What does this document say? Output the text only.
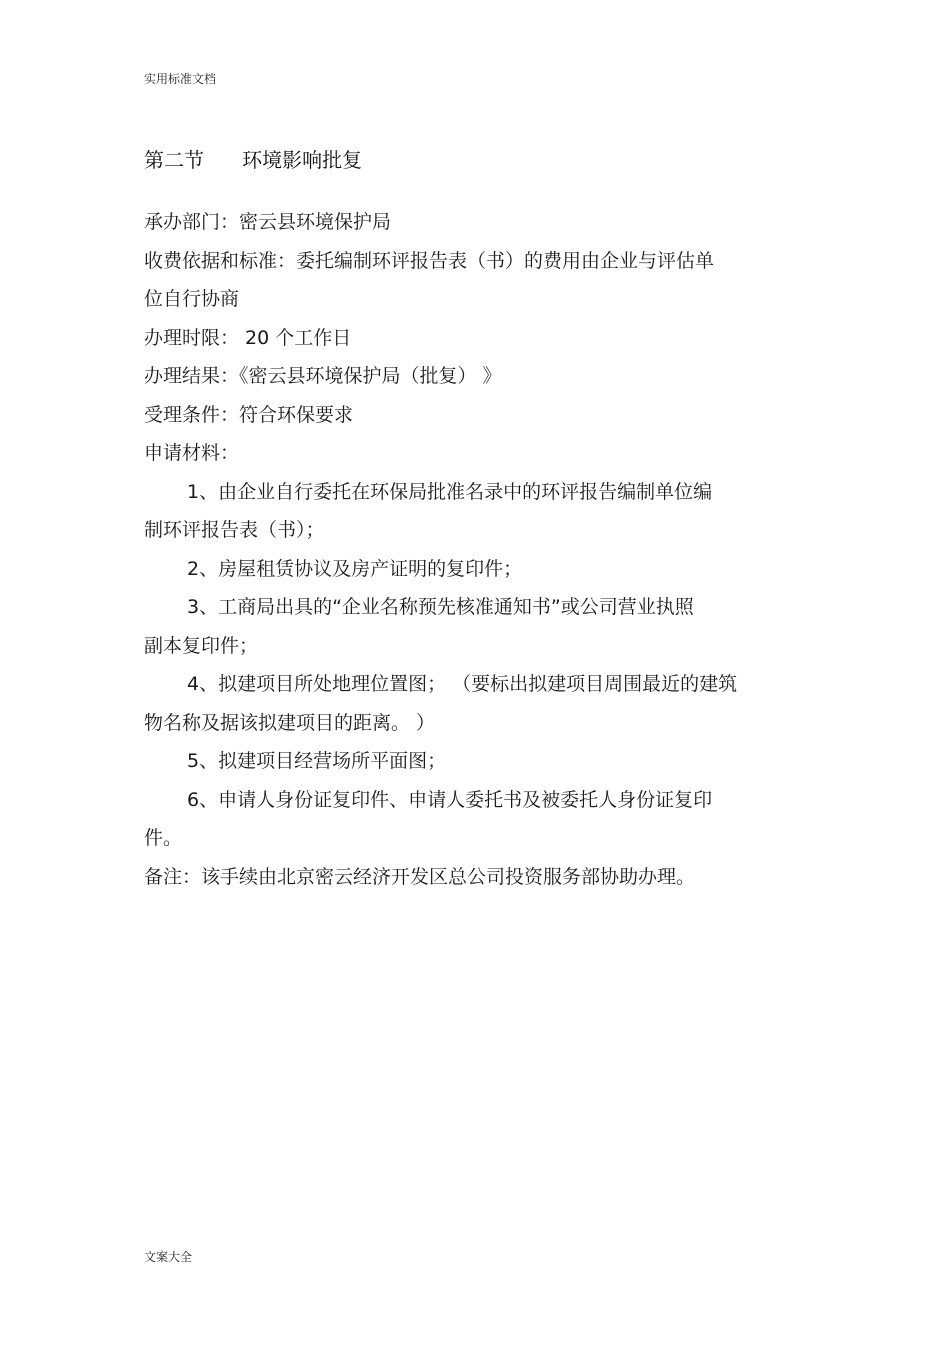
实用标准文档
第二节 环境影响批复
承办部门：密云县环境保护局
收费依据和标准：委托编制环评报告表（书）的费用由企业与评估单
位自行协商
办理时限： 20 个工作日
办理结果：《密云县环境保护局（批复） 》
受理条件：符合环保要求
申请材料：
1、由企业自行委托在环保局批准名录中的环评报告编制单位编
制环评报告表（书）；
2、房屋租赁协议及房产证明的复印件；
3、工商局出具的“企业名称预先核准通知书”或公司营业执照
副本复印件；
4、拟建项目所处地理位置图； （要标出拟建项目周围最近的建筑
物名称及据该拟建项目的距离。 ）
5、拟建项目经营场所平面图；
6、申请人身份证复印件、申请人委托书及被委托人身份证复印
件。
备注：该手续由北京密云经济开发区总公司投资服务部协助办理。
文案大全
